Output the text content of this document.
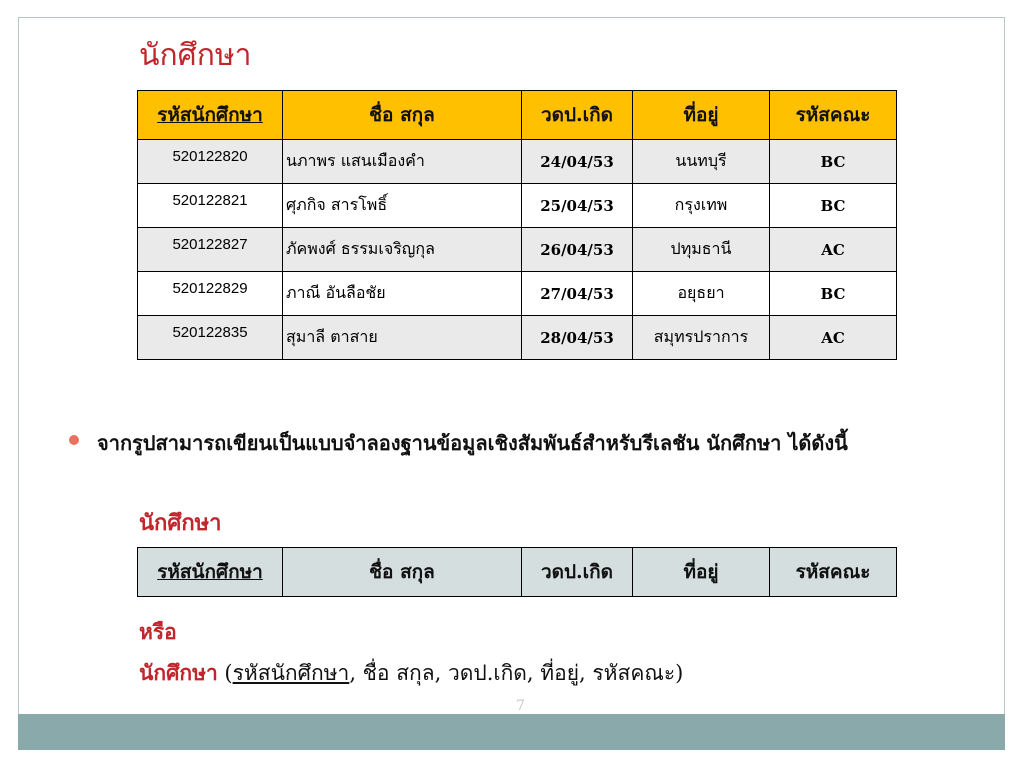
7
นักศึกษา
รหัสนักศึกษา	ชื่อ สกุล	วดป.เกิด	ที่อยู่	รหัสคณะ
520122820	นภาพร แสนเมืองคำ	24/04/53	นนทบุรี	BC
520122821	ศุภกิจ สารโพธิ์	25/04/53	กรุงเทพ	BC
520122827	ภัคพงศ์ ธรรมเจริญกุล	26/04/53	ปทุมธานี	AC
520122829	ภาณี อันลือชัย	27/04/53	อยุธยา	BC
520122835	สุมาลี ตาสาย	28/04/53	สมุทรปราการ	AC
จากรูปสามารถเขียนเป็นแบบจำลองฐานข้อมูลเชิงสัมพันธ์สำหรับรีเลชัน นักศึกษา ได้ดังนี้
นักศึกษา
รหัสนักศึกษา	ชื่อ สกุล	วดป.เกิด	ที่อยู่	รหัสคณะ
หรือ
นักศึกษา (รหัสนักศึกษา, ชื่อ สกุล, วดป.เกิด, ที่อยู่, รหัสคณะ)
